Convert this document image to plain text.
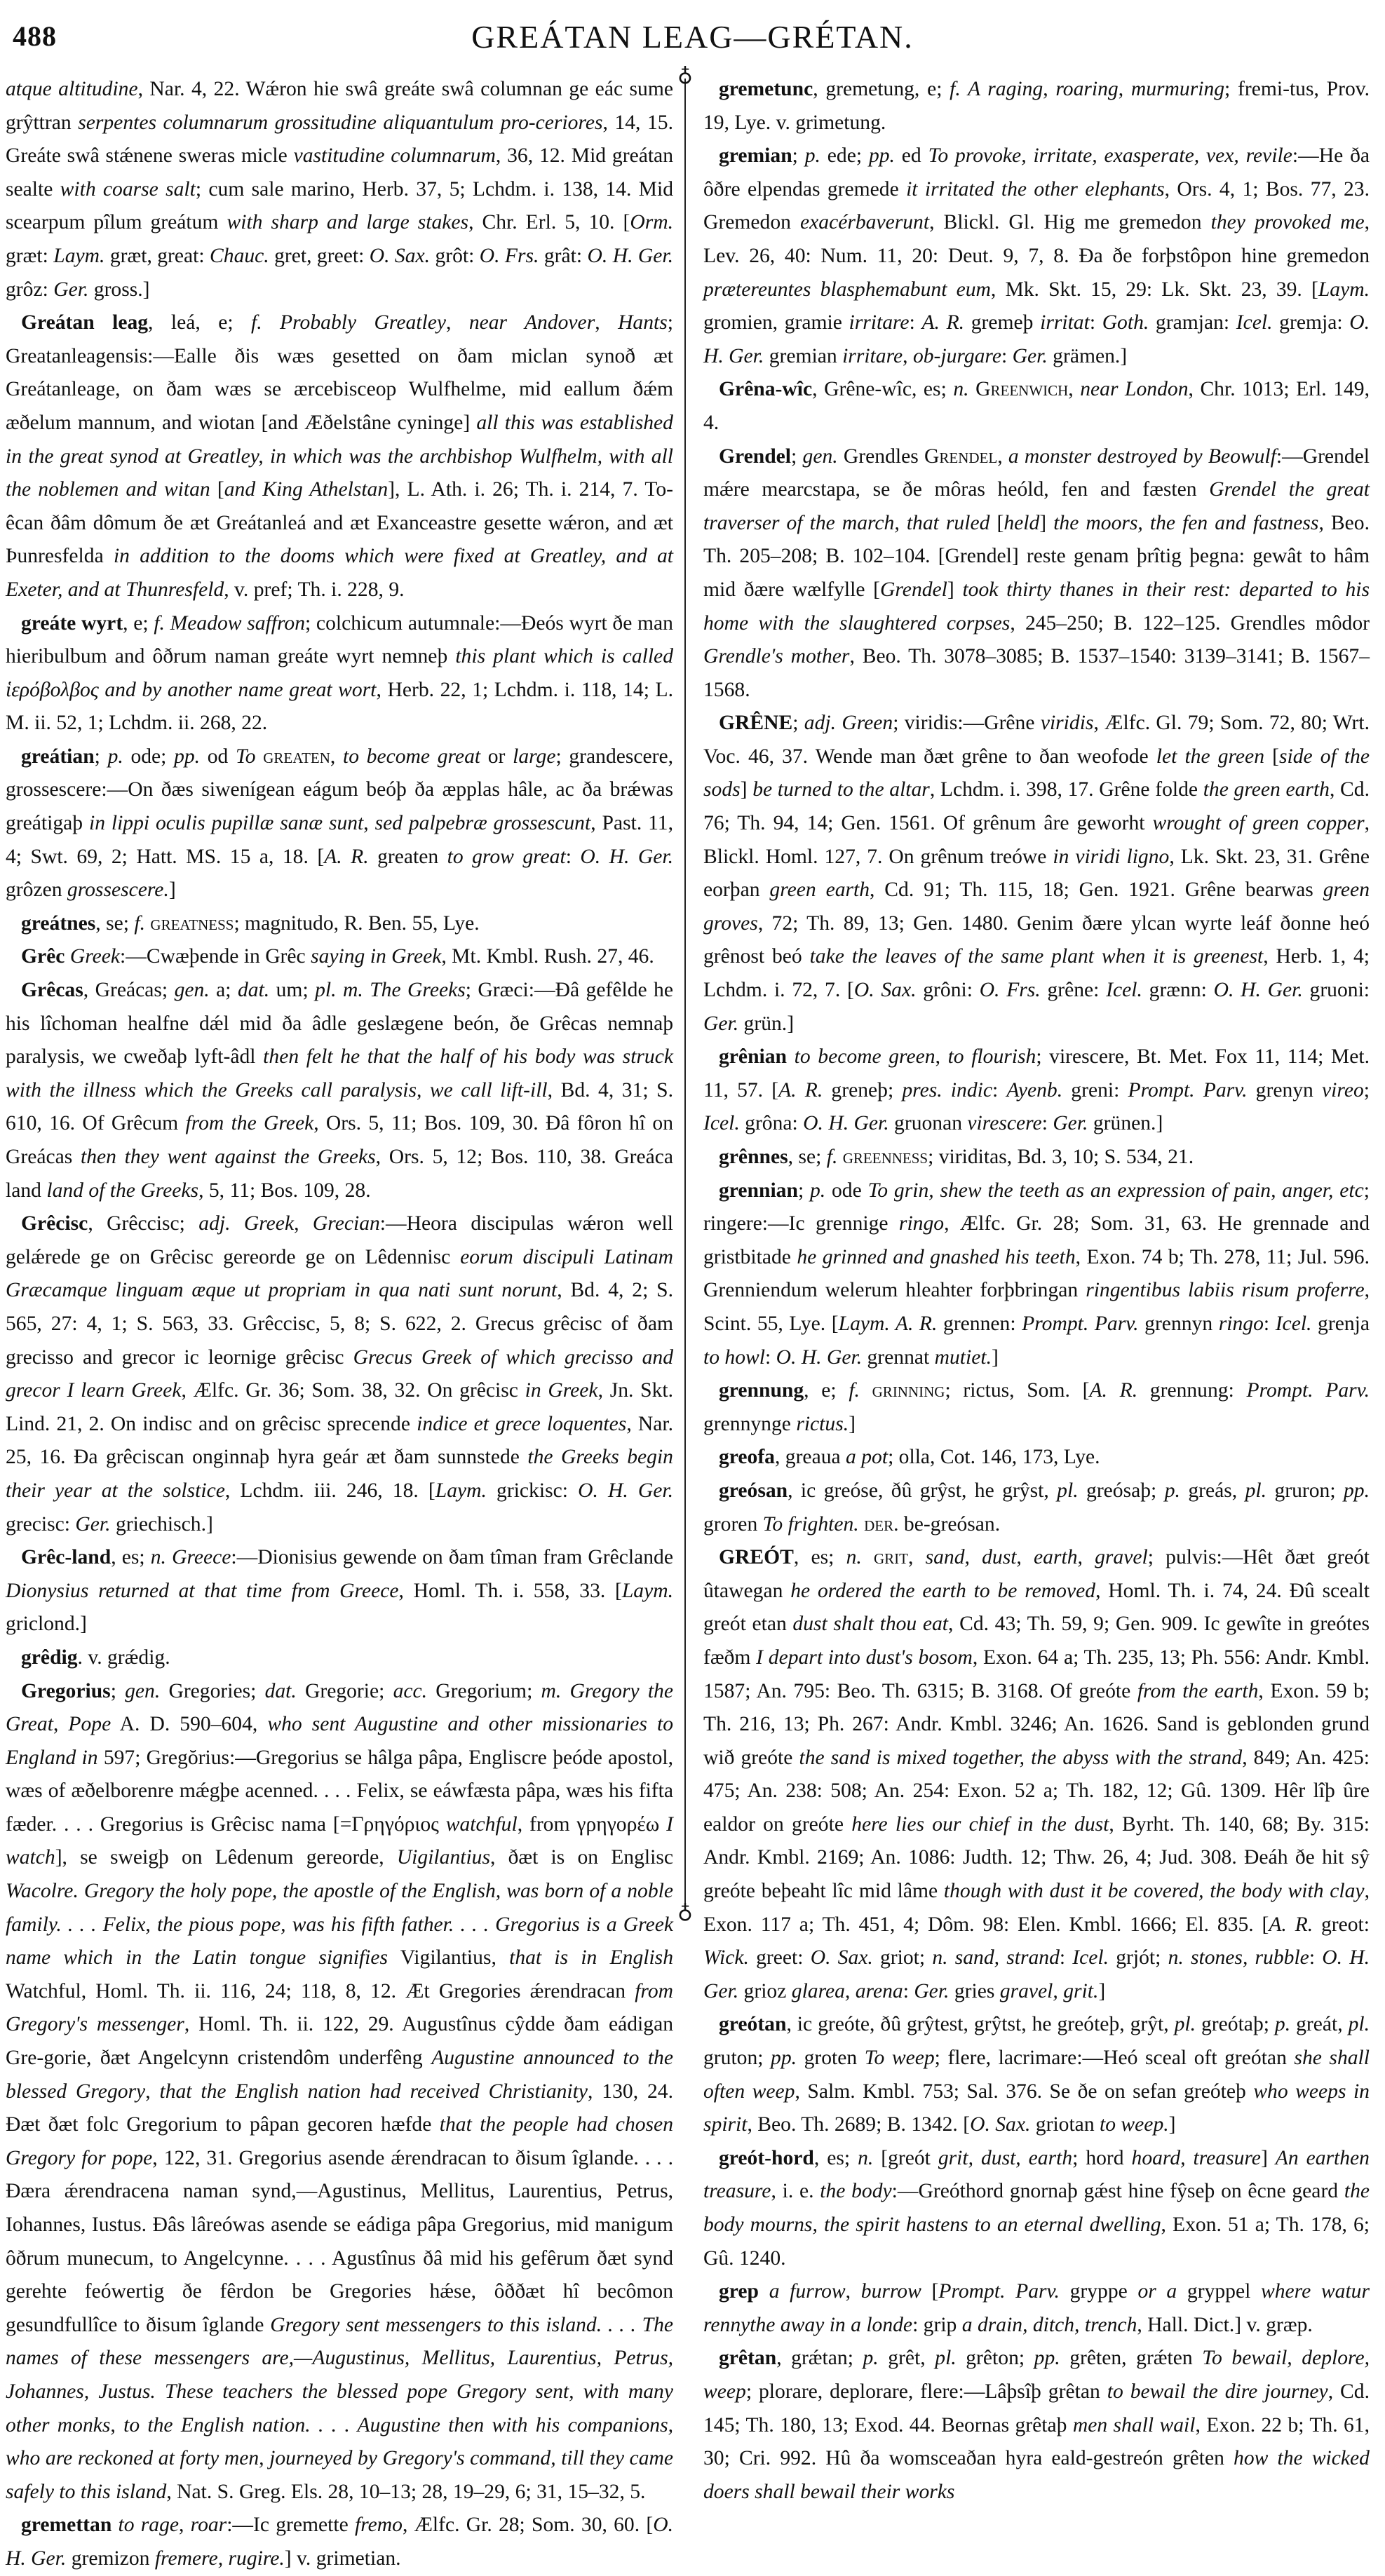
488	GREÁTAN LEAG—GRÉTAN.
♁
♁

atque altitudine, Nar. 4, 22. Wǽron hie swâ greáte swâ columnan ge eác sume grŷttran serpentes columnarum grossitudine aliquantulum pro-ceriores, 14, 15. Greáte swâ stǽnene sweras micle vastitudine columnarum, 36, 12. Mid greátan sealte with coarse salt; cum sale marino, Herb. 37, 5; Lchdm. i. 138, 14. Mid scearpum pîlum greátum with sharp and large stakes, Chr. Erl. 5, 10. [Orm. græt: Laym. græt, great: Chauc. gret, greet: O. Sax. grôt: O. Frs. grât: O. H. Ger. grôz: Ger. gross.]

Greátan leag, leá, e; f. Probably Greatley, near Andover, Hants; Greatanleagensis:—Ealle ðis wæs gesetted on ðam miclan synoð æt Greátanleage, on ðam wæs se ærcebisceop Wulfhelme, mid eallum ðǽm æðelum mannum, and wiotan [and Æðelstâne cyninge] all this was established in the great synod at Greatley, in which was the archbishop Wulfhelm, with all the noblemen and witan [and King Athelstan], L. Ath. i. 26; Th. i. 214, 7. To-êcan ðâm dômum ðe æt Greátanleá and æt Exanceastre gesette wǽron, and æt Þunresfelda in addition to the dooms which were fixed at Greatley, and at Exeter, and at Thunresfeld, v. pref; Th. i. 228, 9.

greáte wyrt, e; f. Meadow saffron; colchicum autumnale:—Ðeós wyrt ðe man hieribulbum and ôðrum naman greáte wyrt nemneþ this plant which is called ἱερόβολβος and by another name great wort, Herb. 22, 1; Lchdm. i. 118, 14; L. M. ii. 52, 1; Lchdm. ii. 268, 22.

greátian; p. ode; pp. od To greaten, to become great or large; grandescere, grossescere:—On ðæs siwenígean eágum beóþ ða æpplas hâle, ac ða brǽwas greátigaþ in lippi oculis pupillæ sanæ sunt, sed palpebræ grossescunt, Past. 11, 4; Swt. 69, 2; Hatt. MS. 15 a, 18. [A. R. greaten to grow great: O. H. Ger. grôzen grossescere.]

greátnes, se; f. greatness; magnitudo, R. Ben. 55, Lye.

Grêc Greek:—Cwæþende in Grêc saying in Greek, Mt. Kmbl. Rush. 27, 46.

Grêcas, Greácas; gen. a; dat. um; pl. m. The Greeks; Græci:—Ðâ gefêlde he his lîchoman healfne dǽl mid ða âdle geslægene beón, ðe Grêcas nemnaþ paralysis, we cweðaþ lyft-âdl then felt he that the half of his body was struck with the illness which the Greeks call paralysis, we call lift-ill, Bd. 4, 31; S. 610, 16. Of Grêcum from the Greek, Ors. 5, 11; Bos. 109, 30. Ðâ fôron hî on Greácas then they went against the Greeks, Ors. 5, 12; Bos. 110, 38. Greáca land land of the Greeks, 5, 11; Bos. 109, 28.

Grêcisc, Grêccisc; adj. Greek, Grecian:—Heora discipulas wǽron well gelǽrede ge on Grêcisc gereorde ge on Lêdennisc eorum discipuli Latinam Græcamque linguam æque ut propriam in qua nati sunt norunt, Bd. 4, 2; S. 565, 27: 4, 1; S. 563, 33. Grêccisc, 5, 8; S. 622, 2. Grecus grêcisc of ðam grecisso and grecor ic leornige grêcisc Grecus Greek of which grecisso and grecor I learn Greek, Ælfc. Gr. 36; Som. 38, 32. On grêcisc in Greek, Jn. Skt. Lind. 21, 2. On indisc and on grêcisc sprecende indice et grece loquentes, Nar. 25, 16. Ða grêciscan onginnaþ hyra geár æt ðam sunnstede the Greeks begin their year at the solstice, Lchdm. iii. 246, 18. [Laym. grickisc: O. H. Ger. grecisc: Ger. griechisch.]

Grêc-land, es; n. Greece:—Dionisius gewende on ðam tîman fram Grêclande Dionysius returned at that time from Greece, Homl. Th. i. 558, 33. [Laym. griclond.]

grêdig. v. grǽdig.

Gregorius; gen. Gregories; dat. Gregorie; acc. Gregorium; m. Gregory the Great, Pope A. D. 590–604, who sent Augustine and other missionaries to England in 597; Gregŏrius:—Gregorius se hâlga pâpa, Engliscre þeóde apostol, wæs of æðelborenre mǽgþe acenned. . . . Felix, se eáwfæsta pâpa, wæs his fifta fæder. . . . Gregorius is Grêcisc nama [=Γρηγόριος watchful, from γρηγορέω I watch], se sweigþ on Lêdenum gereorde, Uigilantius, ðæt is on Englisc Wacolre. Gregory the holy pope, the apostle of the English, was born of a noble family. . . . Felix, the pious pope, was his fifth father. . . . Gregorius is a Greek name which in the Latin tongue signifies Vigilantius, that is in English Watchful, Homl. Th. ii. 116, 24; 118, 8, 12. Æt Gregories ǽrendracan from Gregory's messenger, Homl. Th. ii. 122, 29. Augustînus cŷdde ðam eádigan Gre-gorie, ðæt Angelcynn cristendôm underfêng Augustine announced to the blessed Gregory, that the English nation had received Christianity, 130, 24. Ðæt ðæt folc Gregorium to pâpan gecoren hæfde that the people had chosen Gregory for pope, 122, 31. Gregorius asende ǽrendracan to ðisum îglande. . . . Ðæra ǽrendracena naman synd,—Agustinus, Mellitus, Laurentius, Petrus, Iohannes, Iustus. Ðâs lâreówas asende se eádiga pâpa Gregorius, mid manigum ôðrum munecum, to Angelcynne. . . . Agustînus ðâ mid his gefêrum ðæt synd gerehte feówertig ðe fêrdon be Gregories hǽse, ôððæt hî becômon gesundfullîce to ðisum îglande Gregory sent messengers to this island. . . . The names of these messengers are,—Augustinus, Mellitus, Laurentius, Petrus, Johannes, Justus. These teachers the blessed pope Gregory sent, with many other monks, to the English nation. . . . Augustine then with his companions, who are reckoned at forty men, journeyed by Gregory's command, till they came safely to this island, Nat. S. Greg. Els. 28, 10–13; 28, 19–29, 6; 31, 15–32, 5.

gremettan to rage, roar:—Ic gremette fremo, Ælfc. Gr. 28; Som. 30, 60. [O. H. Ger. gremizon fremere, rugire.] v. grimetian.

gremetunc, gremetung, e; f. A raging, roaring, murmuring; fremi-tus, Prov. 19, Lye. v. grimetung.

gremian; p. ede; pp. ed To provoke, irritate, exasperate, vex, revile:—He ða ôðre elpendas gremede it irritated the other elephants, Ors. 4, 1; Bos. 77, 23. Gremedon exacérbaverunt, Blickl. Gl. Hig me gremedon they provoked me, Lev. 26, 40: Num. 11, 20: Deut. 9, 7, 8. Ða ðe forþstôpon hine gremedon prætereuntes blasphemabunt eum, Mk. Skt. 15, 29: Lk. Skt. 23, 39. [Laym. gromien, gramie irritare: A. R. gremeþ irritat: Goth. gramjan: Icel. gremja: O. H. Ger. gremian irritare, ob-jurgare: Ger. grämen.]

Grêna-wîc, Grêne-wîc, es; n. Greenwich, near London, Chr. 1013; Erl. 149, 4.

Grendel; gen. Grendles Grendel, a monster destroyed by Beowulf:—Grendel mǽre mearcstapa, se ðe môras heóld, fen and fæsten Grendel the great traverser of the march, that ruled [held] the moors, the fen and fastness, Beo. Th. 205–208; B. 102–104. [Grendel] reste genam þrîtig þegna: gewât to hâm mid ðære wælfylle [Grendel] took thirty thanes in their rest: departed to his home with the slaughtered corpses, 245–250; B. 122–125. Grendles môdor Grendle's mother, Beo. Th. 3078–3085; B. 1537–1540: 3139–3141; B. 1567–1568.

GRÊNE; adj. Green; viridis:—Grêne viridis, Ælfc. Gl. 79; Som. 72, 80; Wrt. Voc. 46, 37. Wende man ðæt grêne to ðan weofode let the green [side of the sods] be turned to the altar, Lchdm. i. 398, 17. Grêne folde the green earth, Cd. 76; Th. 94, 14; Gen. 1561. Of grênum âre geworht wrought of green copper, Blickl. Homl. 127, 7. On grênum treówe in viridi ligno, Lk. Skt. 23, 31. Grêne eorþan green earth, Cd. 91; Th. 115, 18; Gen. 1921. Grêne bearwas green groves, 72; Th. 89, 13; Gen. 1480. Genim ðære ylcan wyrte leáf ðonne heó grênost beó take the leaves of the same plant when it is greenest, Herb. 1, 4; Lchdm. i. 72, 7. [O. Sax. grôni: O. Frs. grêne: Icel. grænn: O. H. Ger. gruoni: Ger. grün.]

grênian to become green, to flourish; virescere, Bt. Met. Fox 11, 114; Met. 11, 57. [A. R. greneþ; pres. indic: Ayenb. greni: Prompt. Parv. grenyn vireo; Icel. grôna: O. H. Ger. gruonan virescere: Ger. grünen.]

grênnes, se; f. greenness; viriditas, Bd. 3, 10; S. 534, 21.

grennian; p. ode To grin, shew the teeth as an expression of pain, anger, etc; ringere:—Ic grennige ringo, Ælfc. Gr. 28; Som. 31, 63. He grennade and gristbitade he grinned and gnashed his teeth, Exon. 74 b; Th. 278, 11; Jul. 596. Grenniendum welerum hleahter forþbringan ringentibus labiis risum proferre, Scint. 55, Lye. [Laym. A. R. grennen: Prompt. Parv. grennyn ringo: Icel. grenja to howl: O. H. Ger. grennat mutiet.]

grennung, e; f. grinning; rictus, Som. [A. R. grennung: Prompt. Parv. grennynge rictus.]

greofa, greaua a pot; olla, Cot. 146, 173, Lye.

greósan, ic greóse, ðû grŷst, he grŷst, pl. greósaþ; p. greás, pl. gruron; pp. groren To frighten. der. be-greósan.

GREÓT, es; n. grit, sand, dust, earth, gravel; pulvis:—Hêt ðæt greót ûtawegan he ordered the earth to be removed, Homl. Th. i. 74, 24. Ðû scealt greót etan dust shalt thou eat, Cd. 43; Th. 59, 9; Gen. 909. Ic gewîte in greótes fæðm I depart into dust's bosom, Exon. 64 a; Th. 235, 13; Ph. 556: Andr. Kmbl. 1587; An. 795: Beo. Th. 6315; B. 3168. Of greóte from the earth, Exon. 59 b; Th. 216, 13; Ph. 267: Andr. Kmbl. 3246; An. 1626. Sand is geblonden grund wið greóte the sand is mixed together, the abyss with the strand, 849; An. 425: 475; An. 238: 508; An. 254: Exon. 52 a; Th. 182, 12; Gû. 1309. Hêr lîþ ûre ealdor on greóte here lies our chief in the dust, Byrht. Th. 140, 68; By. 315: Andr. Kmbl. 2169; An. 1086: Judth. 12; Thw. 26, 4; Jud. 308. Ðeáh ðe hit sŷ greóte beþeaht lîc mid lâme though with dust it be covered, the body with clay, Exon. 117 a; Th. 451, 4; Dôm. 98: Elen. Kmbl. 1666; El. 835. [A. R. greot: Wick. greet: O. Sax. griot; n. sand, strand: Icel. grjót; n. stones, rubble: O. H. Ger. grioz glarea, arena: Ger. gries gravel, grit.]

greótan, ic greóte, ðû grŷtest, grŷtst, he greóteþ, grŷt, pl. greótaþ; p. greát, pl. gruton; pp. groten To weep; flere, lacrimare:—Heó sceal oft greótan she shall often weep, Salm. Kmbl. 753; Sal. 376. Se ðe on sefan greóteþ who weeps in spirit, Beo. Th. 2689; B. 1342. [O. Sax. griotan to weep.]

greót-hord, es; n. [greót grit, dust, earth; hord hoard, treasure] An earthen treasure, i. e. the body:—Greóthord gnornaþ gǽst hine fŷseþ on êcne geard the body mourns, the spirit hastens to an eternal dwelling, Exon. 51 a; Th. 178, 6; Gû. 1240.

grep a furrow, burrow [Prompt. Parv. gryppe or a gryppel where watur rennythe away in a londe: grip a drain, ditch, trench, Hall. Dict.] v. græp.

grêtan, grǽtan; p. grêt, pl. grêton; pp. grêten, grǽten To bewail, deplore, weep; plorare, deplorare, flere:—Lâþsîþ grêtan to bewail the dire journey, Cd. 145; Th. 180, 13; Exod. 44. Beornas grêtaþ men shall wail, Exon. 22 b; Th. 61, 30; Cri. 992. Hû ða womsceaðan hyra eald-gestreón grêten how the wicked doers shall bewail their works
